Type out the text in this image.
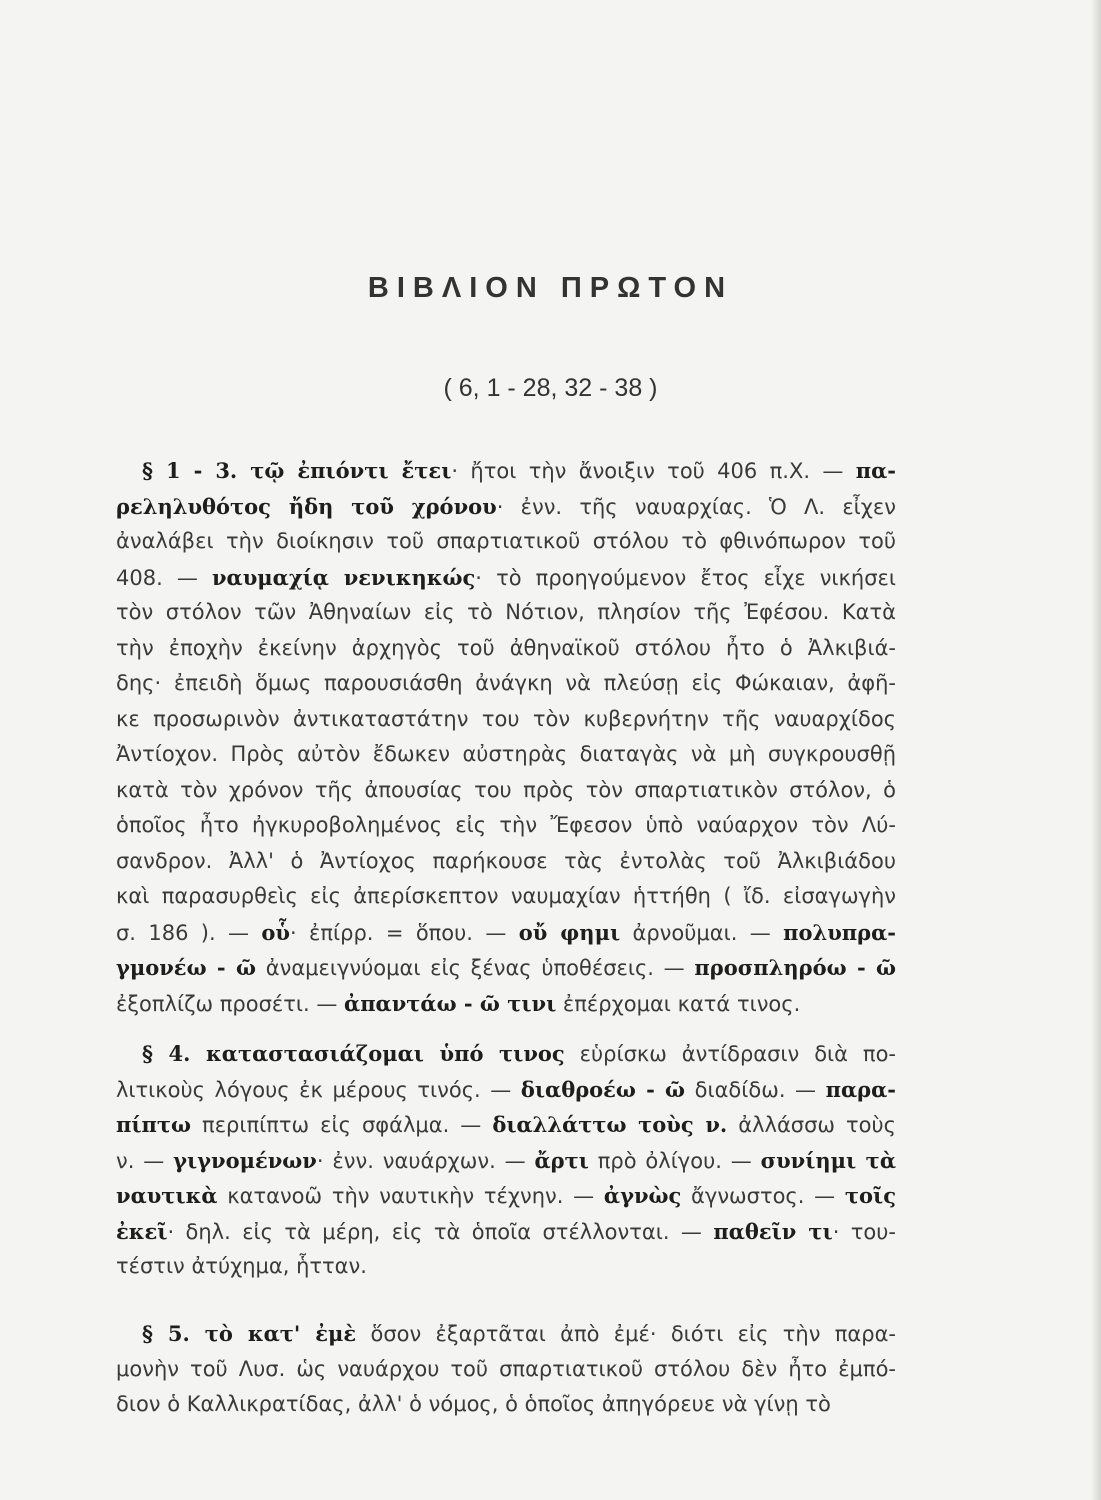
ΒΙΒΛΙΟΝ ΠΡΩΤΟΝ

( 6, 1 - 28, 32 - 38 )

§ 1 - 3. τῷ ἐπιόντι ἔτει· ἤτοι τὴν ἄνοιξιν τοῦ 406 π.Χ. — πα-
ρεληλυθότος ἤδη τοῦ χρόνου· ἐνν. τῆς ναυαρχίας. Ὁ Λ. εἶχεν
ἀναλάβει τὴν διοίκησιν τοῦ σπαρτιατικοῦ στόλου τὸ φθινόπωρον τοῦ
408. — ναυμαχίᾳ νενικηκώς· τὸ προηγούμενον ἔτος εἶχε νικήσει
τὸν στόλον τῶν Ἀθηναίων εἰς τὸ Νότιον, πλησίον τῆς Ἐφέσου. Κατὰ
τὴν ἐποχὴν ἐκείνην ἀρχηγὸς τοῦ ἀθηναϊκοῦ στόλου ἦτο ὁ Ἀλκιβιά-
δης· ἐπειδὴ ὅμως παρουσιάσθη ἀνάγκη νὰ πλεύσῃ εἰς Φώκαιαν, ἀφῆ-
κε προσωρινὸν ἀντικαταστάτην του τὸν κυβερνήτην τῆς ναυαρχίδος
Ἀντίοχον. Πρὸς αὐτὸν ἔδωκεν αὐστηρὰς διαταγὰς νὰ μὴ συγκρουσθῇ
κατὰ τὸν χρόνον τῆς ἀπουσίας του πρὸς τὸν σπαρτιατικὸν στόλον, ὁ
ὁποῖος ἦτο ἠγκυροβολημένος εἰς τὴν Ἔφεσον ὑπὸ ναύαρχον τὸν Λύ-
σανδρον. Ἀλλ' ὁ Ἀντίοχος παρήκουσε τὰς ἐντολὰς τοῦ Ἀλκιβιάδου
καὶ παρασυρθεὶς εἰς ἀπερίσκεπτον ναυμαχίαν ἡττήθη ( ἴδ. εἰσαγωγὴν
σ. 186 ). — οὗ· ἐπίρρ. = ὅπου. — οὔ φημι ἀρνοῦμαι. — πολυπρα-
γμονέω - ῶ ἀναμειγνύομαι εἰς ξένας ὑποθέσεις. — προσπληρόω - ῶ
ἐξοπλίζω προσέτι. — ἀπαντάω - ῶ τινι ἐπέρχομαι κατά τινος.
§ 4. καταστασιάζομαι ὑπό τινος εὑρίσκω ἀντίδρασιν διὰ πο-
λιτικοὺς λόγους ἐκ μέρους τινός. — διαθροέω - ῶ διαδίδω. — παρα-
πίπτω περιπίπτω εἰς σφάλμα. — διαλλάττω τοὺς ν. ἀλλάσσω τοὺς
ν. — γιγνομένων· ἐνν. ναυάρχων. — ἄρτι πρὸ ὀλίγου. — συνίημι τὰ
ναυτικὰ κατανοῶ τὴν ναυτικὴν τέχνην. — ἀγνὼς ἄγνωστος. — τοῖς
ἐκεῖ· δηλ. εἰς τὰ μέρη, εἰς τὰ ὁποῖα στέλλονται. — παθεῖν τι· του-
τέστιν ἀτύχημα, ἧτταν.
§ 5. τὸ κατ' ἐμὲ ὅσον ἐξαρτᾶται ἀπὸ ἐμέ· διότι εἰς τὴν παρα-
μονὴν τοῦ Λυσ. ὡς ναυάρχου τοῦ σπαρτιατικοῦ στόλου δὲν ἦτο ἐμπό-
διον ὁ Καλλικρατίδας, ἀλλ' ὁ νόμος, ὁ ὁποῖος ἀπηγόρευε νὰ γίνῃ τὸ
